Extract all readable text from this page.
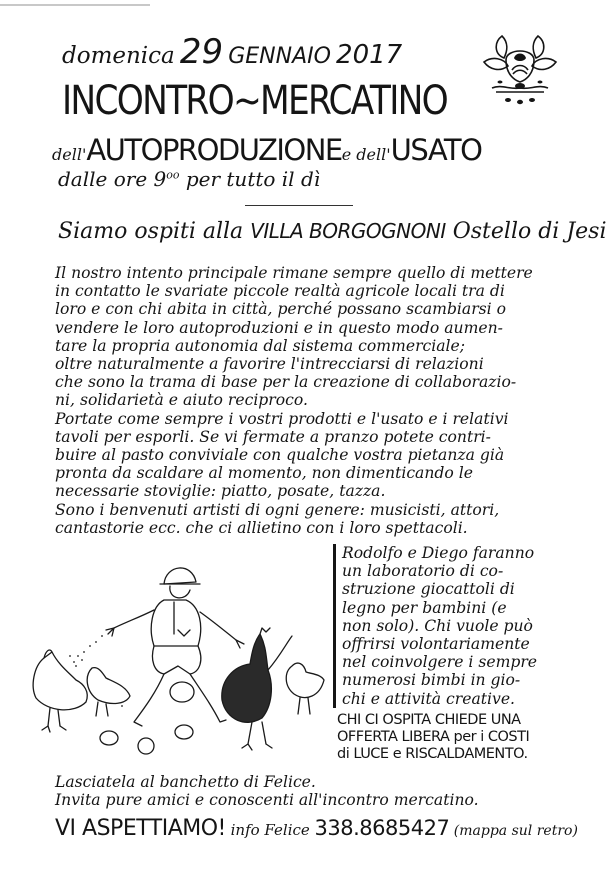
domenica 29 GENNAIO 2017
INCONTRO~MERCATINO
dell'AUTOPRODUZIONEe dell'USATO
dalle ore $9^{oo}$ per tutto il dì
Siamo ospiti alla VILLA BORGOGNONI Ostello di Jesi
Il nostro intento principale rimane sempre quello di mettere
in contatto le svariate piccole realtà agricole locali tra di
loro e con chi abita in città, perché possano scambiarsi o
vendere le loro autoproduzioni e in questo modo aumen-
tare la propria autonomia dal sistema commerciale;
oltre naturalmente a favorire l'intrecciarsi di relazioni
che sono la trama di base per la creazione di collaborazio-
ni, solidarietà e aiuto reciproco.
Portate come sempre i vostri prodotti e l'usato e i relativi
tavoli per esporli. Se vi fermate a pranzo potete contri-
buire al pasto conviviale con qualche vostra pietanza già
pronta da scaldare al momento, non dimenticando le
necessarie stoviglie: piatto, posate, tazza.
Sono i benvenuti artisti di ogni genere: musicisti, attori,
cantastorie ecc. che ci allietino con i loro spettacoli.
Rodolfo e Diego faranno
un laboratorio di co-
struzione giocattoli di
legno per bambini (e
non solo). Chi vuole può
offrirsi volontariamente
nel coinvolgere i sempre
numerosi bimbi in gio-
chi e attività creative.
CHI CI OSPITA CHIEDE UNA
OFFERTA LIBERA per i COSTI
di LUCE e RISCALDAMENTO.
Lasciatela al banchetto di Felice.
Invita pure amici e conoscenti all'incontro mercatino.
VI ASPETTIAMO! info Felice 338.8685427 (mappa sul retro)
